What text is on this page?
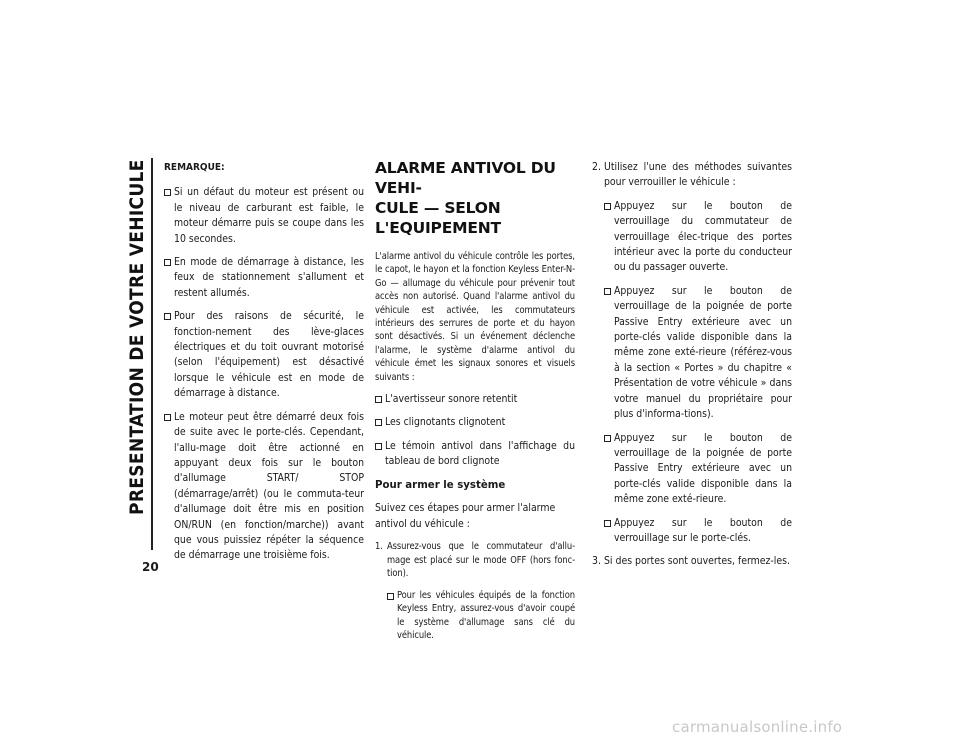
PRESENTATION DE VOTRE VEHICULE
20
REMARQUE:

Si un défaut du moteur est présent ou le niveau de carburant est faible, le moteur démarre puis se coupe dans les 10 secondes.

En mode de démarrage à distance, les feux de stationnement s'allument et restent allumés.

Pour des raisons de sécurité, le fonction-nement des lève-glaces électriques et du toit ouvrant motorisé (selon l'équipement) est désactivé lorsque le véhicule est en mode de démarrage à distance.

Le moteur peut être démarré deux fois de suite avec le porte-clés. Cependant, l'allu-mage doit être actionné en appuyant deux fois sur le bouton d'allumage START/ STOP (démarrage/arrêt) (ou le commuta-teur d'allumage doit être mis en position ON/RUN (en fonction/marche)) avant que vous puissiez répéter la séquence de démarrage une troisième fois.

ALARME ANTIVOL DU VEHI-
CULE — SELON L'EQUIPEMENT

L'alarme antivol du véhicule contrôle les portes, le capot, le hayon et la fonction Keyless Enter-N-Go — allumage du véhicule pour prévenir tout accès non autorisé. Quand l'alarme antivol du véhicule est activée, les commutateurs intérieurs des serrures de porte et du hayon sont désactivés. Si un événement déclenche l'alarme, le système d'alarme antivol du véhicule émet les signaux sonores et visuels suivants :

L'avertisseur sonore retentit

Les clignotants clignotent

Le témoin antivol dans l'affichage du tableau de bord clignote

Pour armer le système

Suivez ces étapes pour armer l'alarme antivol du véhicule :

1. Assurez-vous que le commutateur d'allu-mage est placé sur le mode OFF (hors fonc-tion).

Pour les véhicules équipés de la fonction Keyless Entry, assurez-vous d'avoir coupé le système d'allumage sans clé du véhicule.

2. Utilisez l'une des méthodes suivantes pour verrouiller le véhicule :

Appuyez sur le bouton de verrouillage du commutateur de verrouillage élec-trique des portes intérieur avec la porte du conducteur ou du passager ouverte.

Appuyez sur le bouton de verrouillage de la poignée de porte Passive Entry extérieure avec un porte-clés valide disponible dans la même zone exté-rieure (référez-vous à la section « Portes » du chapitre « Présentation de votre véhicule » dans votre manuel du propriétaire pour plus d'informa-tions).

Appuyez sur le bouton de verrouillage de la poignée de porte Passive Entry extérieure avec un porte-clés valide disponible dans la même zone exté-rieure.

Appuyez sur le bouton de verrouillage sur le porte-clés.

3. Si des portes sont ouvertes, fermez-les.

carmanualsonline.info
